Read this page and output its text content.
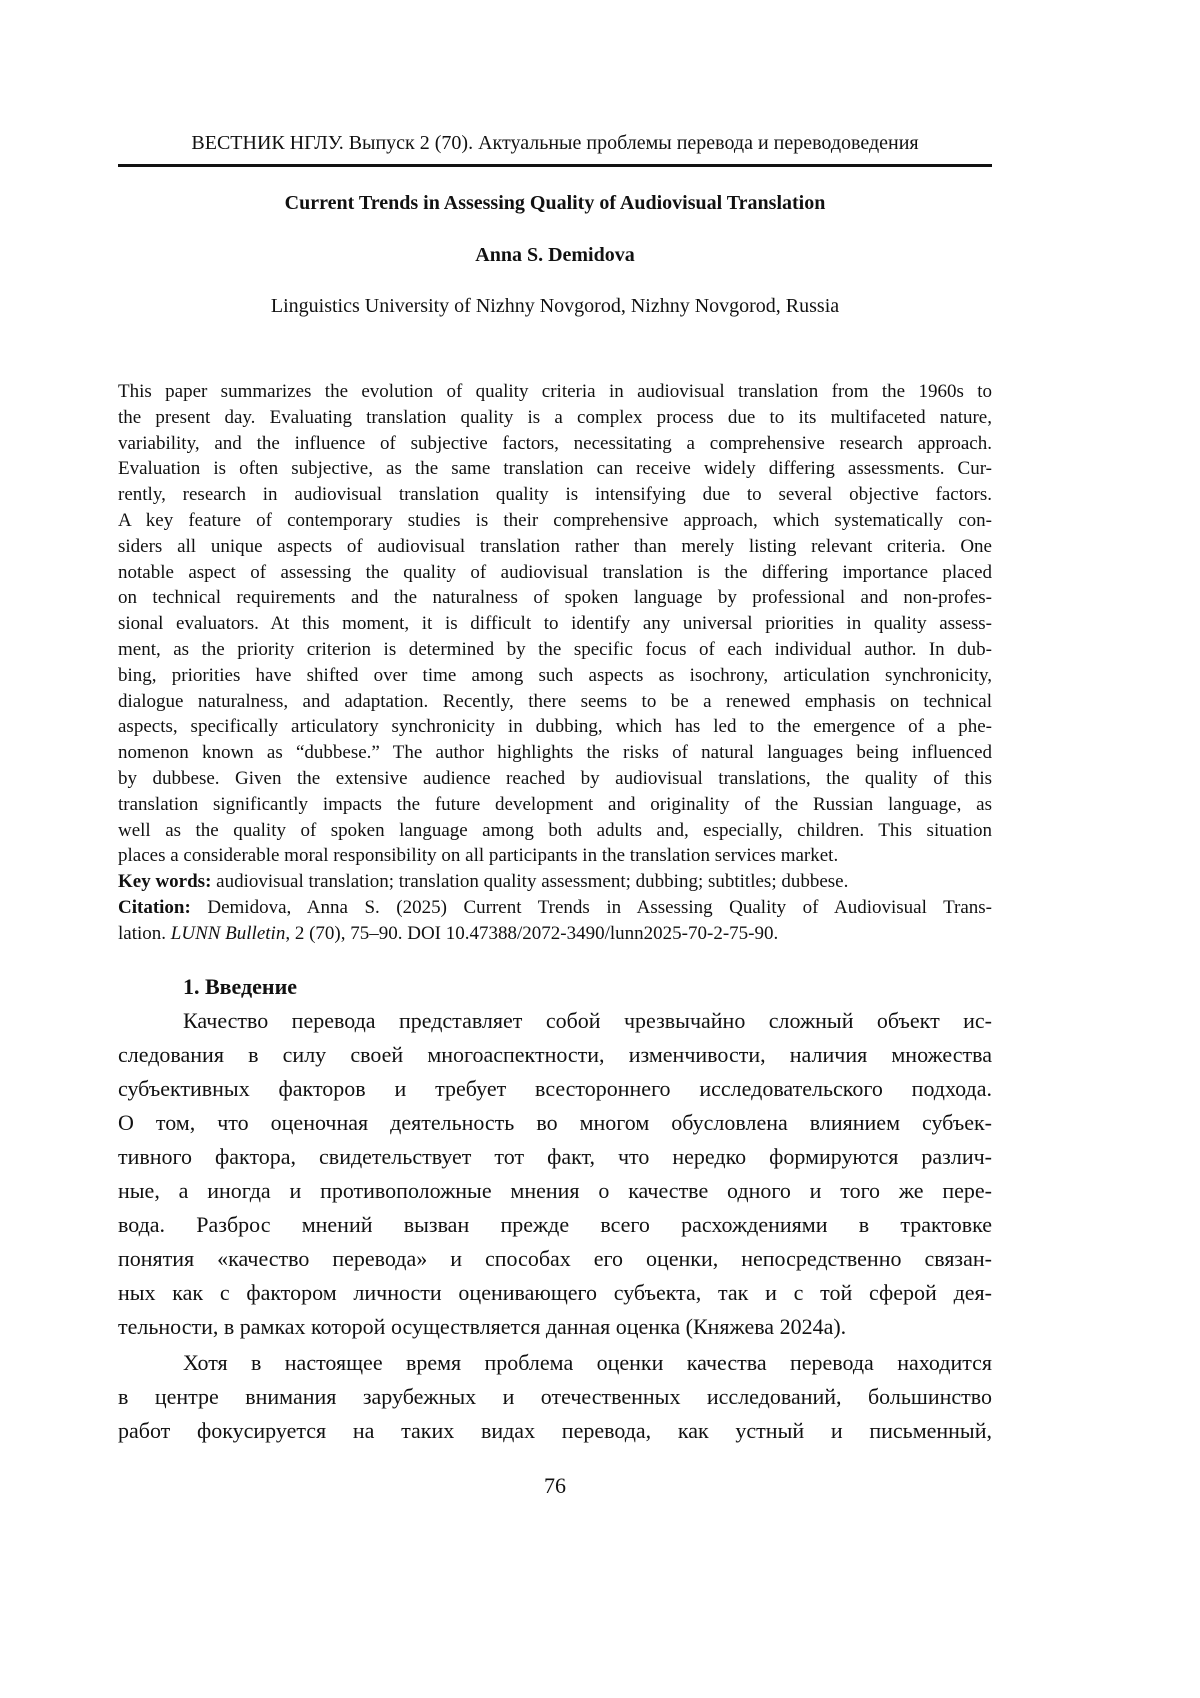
ВЕСТНИК НГЛУ. Выпуск 2 (70). Актуальные проблемы перевода и переводоведения
Current Trends in Assessing Quality of Audiovisual Translation
Anna S. Demidova
Linguistics University of Nizhny Novgorod, Nizhny Novgorod, Russia
This paper summarizes the evolution of quality criteria in audiovisual translation from the 1960s to
the present day. Evaluating translation quality is a complex process due to its multifaceted nature,
variability, and the influence of subjective factors, necessitating a comprehensive research approach.
Evaluation is often subjective, as the same translation can receive widely differing assessments. Cur-
rently, research in audiovisual translation quality is intensifying due to several objective factors.
A key feature of contemporary studies is their comprehensive approach, which systematically con-
siders all unique aspects of audiovisual translation rather than merely listing relevant criteria. One
notable aspect of assessing the quality of audiovisual translation is the differing importance placed
on technical requirements and the naturalness of spoken language by professional and non-profes-
sional evaluators. At this moment, it is difficult to identify any universal priorities in quality assess-
ment, as the priority criterion is determined by the specific focus of each individual author. In dub-
bing, priorities have shifted over time among such aspects as isochrony, articulation synchronicity,
dialogue naturalness, and adaptation. Recently, there seems to be a renewed emphasis on technical
aspects, specifically articulatory synchronicity in dubbing, which has led to the emergence of a phe-
nomenon known as “dubbese.” The author highlights the risks of natural languages being influenced
by dubbese. Given the extensive audience reached by audiovisual translations, the quality of this
translation significantly impacts the future development and originality of the Russian language, as
well as the quality of spoken language among both adults and, especially, children. This situation
places a considerable moral responsibility on all participants in the translation services market.
Key words: audiovisual translation; translation quality assessment; dubbing; subtitles; dubbese.
Citation: Demidova, Anna S. (2025) Current Trends in Assessing Quality of Audiovisual Trans-
lation. LUNN Bulletin, 2 (70), 75–90. DOI 10.47388/2072-3490/lunn2025-70-2-75-90.
1. Введение
Качество перевода представляет собой чрезвычайно сложный объект ис-
следования в силу своей многоаспектности, изменчивости, наличия множества
субъективных факторов и требует всестороннего исследовательского подхода.
О том, что оценочная деятельность во многом обусловлена влиянием субъек-
тивного фактора, свидетельствует тот факт, что нередко формируются различ-
ные, а иногда и противоположные мнения о качестве одного и того же пере-
вода. Разброс мнений вызван прежде всего расхождениями в трактовке
понятия «качество перевода» и способах его оценки, непосредственно связан-
ных как с фактором личности оценивающего субъекта, так и с той сферой дея-
тельности, в рамках которой осуществляется данная оценка (Княжева 2024a).
Хотя в настоящее время проблема оценки качества перевода находится
в центре внимания зарубежных и отечественных исследований, большинство
работ фокусируется на таких видах перевода, как устный и письменный,
76
